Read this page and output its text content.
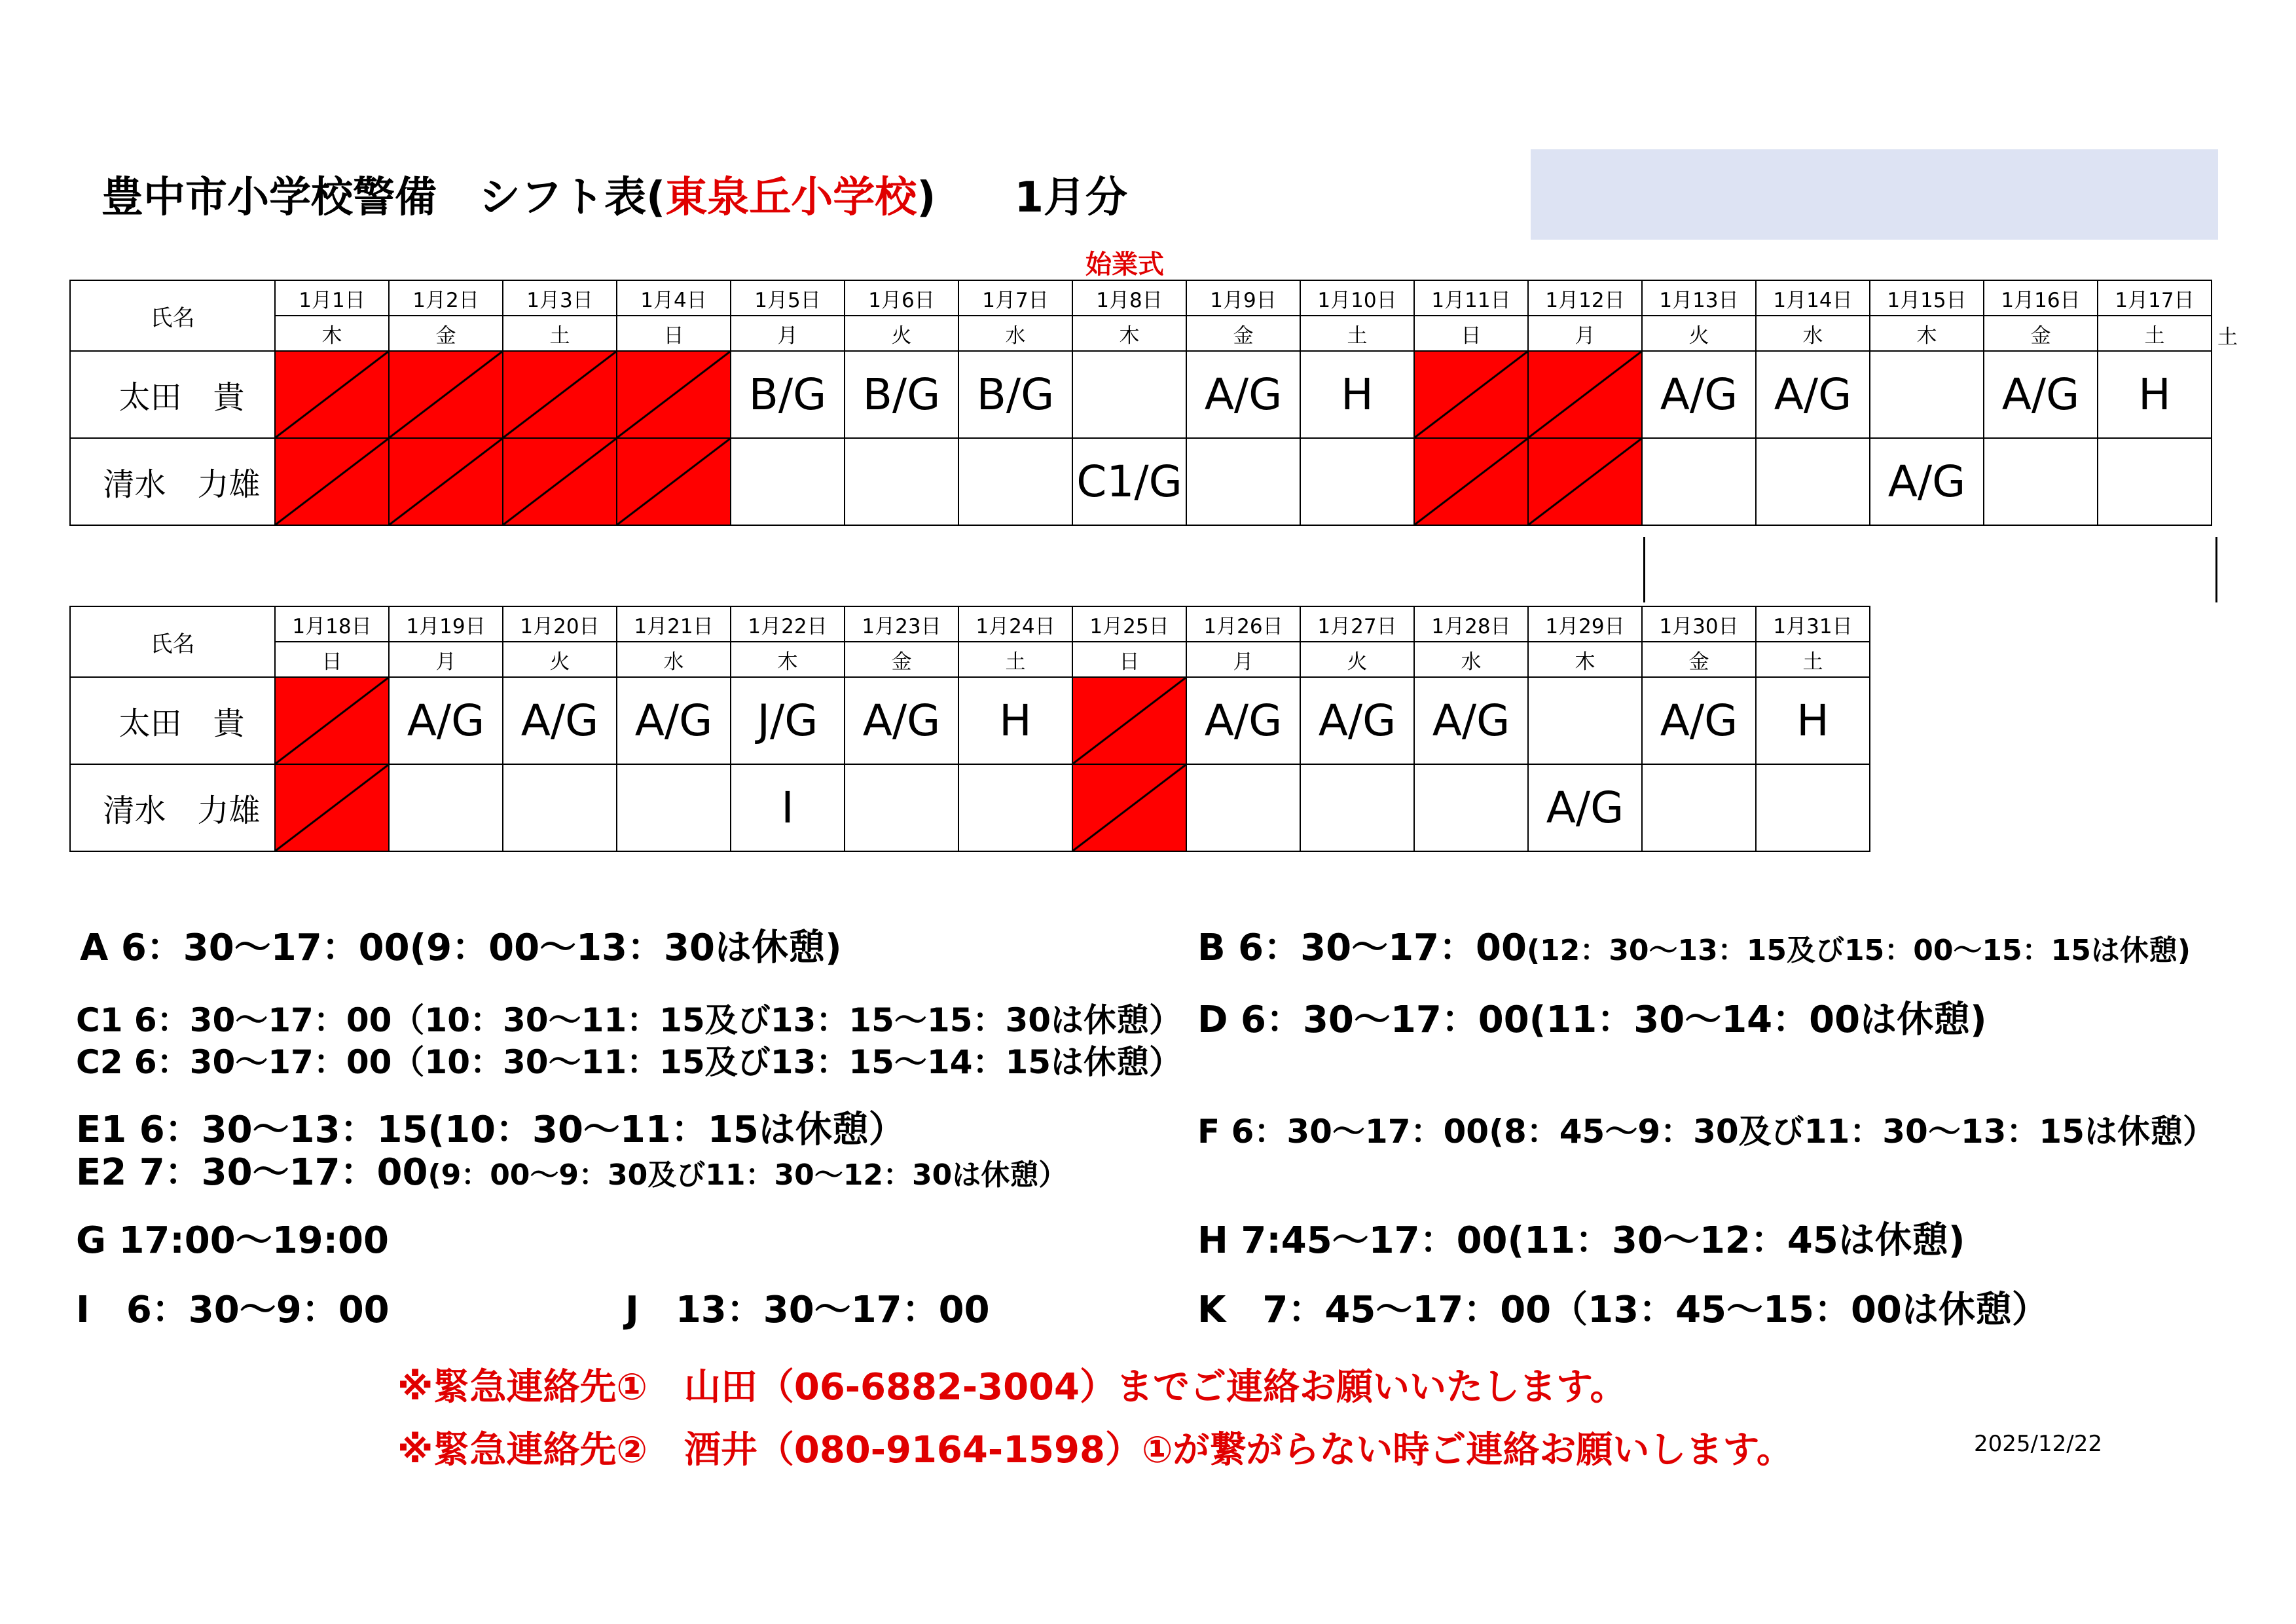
豊中市小学校警備　シフト表(東泉丘小学校) 1月分
始業式
氏名	1月1日	1月2日	1月3日	1月4日	1月5日	1月6日	1月7日	1月8日	1月9日	1月10日	1月11日	1月12日	1月13日	1月14日	1月15日	1月16日	1月17日
	木	金	土	日	月	火	水	木	金	土	日	月	火	水	木	金	土
太田　貴					B/G	B/G	B/G		A/G	H			A/G	A/G		A/G	H
清水　力雄								C1/G							A/G		
土
氏名	1月18日	1月19日	1月20日	1月21日	1月22日	1月23日	1月24日	1月25日	1月26日	1月27日	1月28日	1月29日	1月30日	1月31日
	日	月	火	水	木	金	土	日	月	火	水	木	金	土
太田　貴		A/G	A/G	A/G	J/G	A/G	H		A/G	A/G	A/G		A/G	H
清水　力雄					I							A/G		
A 6：30〜17：00(9：00〜13：30は休憩)	B 6：30〜17：00(12：30〜13：15及び15：00〜15：15は休憩)
C1 6：30〜17：00（10：30〜11：15及び13：15〜15：30は休憩）
C2 6：30〜17：00（10：30〜11：15及び13：15〜14：15は休憩）
D 6：30〜17：00(11：30〜14：00は休憩)
E1 6：30〜13：15(10：30〜11：15は休憩）
E2 7：30〜17：00(9：00〜9：30及び11：30〜12：30は休憩）
F 6：30〜17：00(8：45〜9：30及び11：30〜13：15は休憩）
G 17:00〜19:00	H 7:45〜17：00(11：30〜12：45は休憩)
I　6：30〜9：00	J　13：30〜17：00	K　7：45〜17：00（13：45〜15：00は休憩）
※緊急連絡先①　山田（06-6882-3004）までご連絡お願いいたします。
※緊急連絡先②　酒井（080-9164-1598）①が繋がらない時ご連絡お願いします。	2025/12/22
